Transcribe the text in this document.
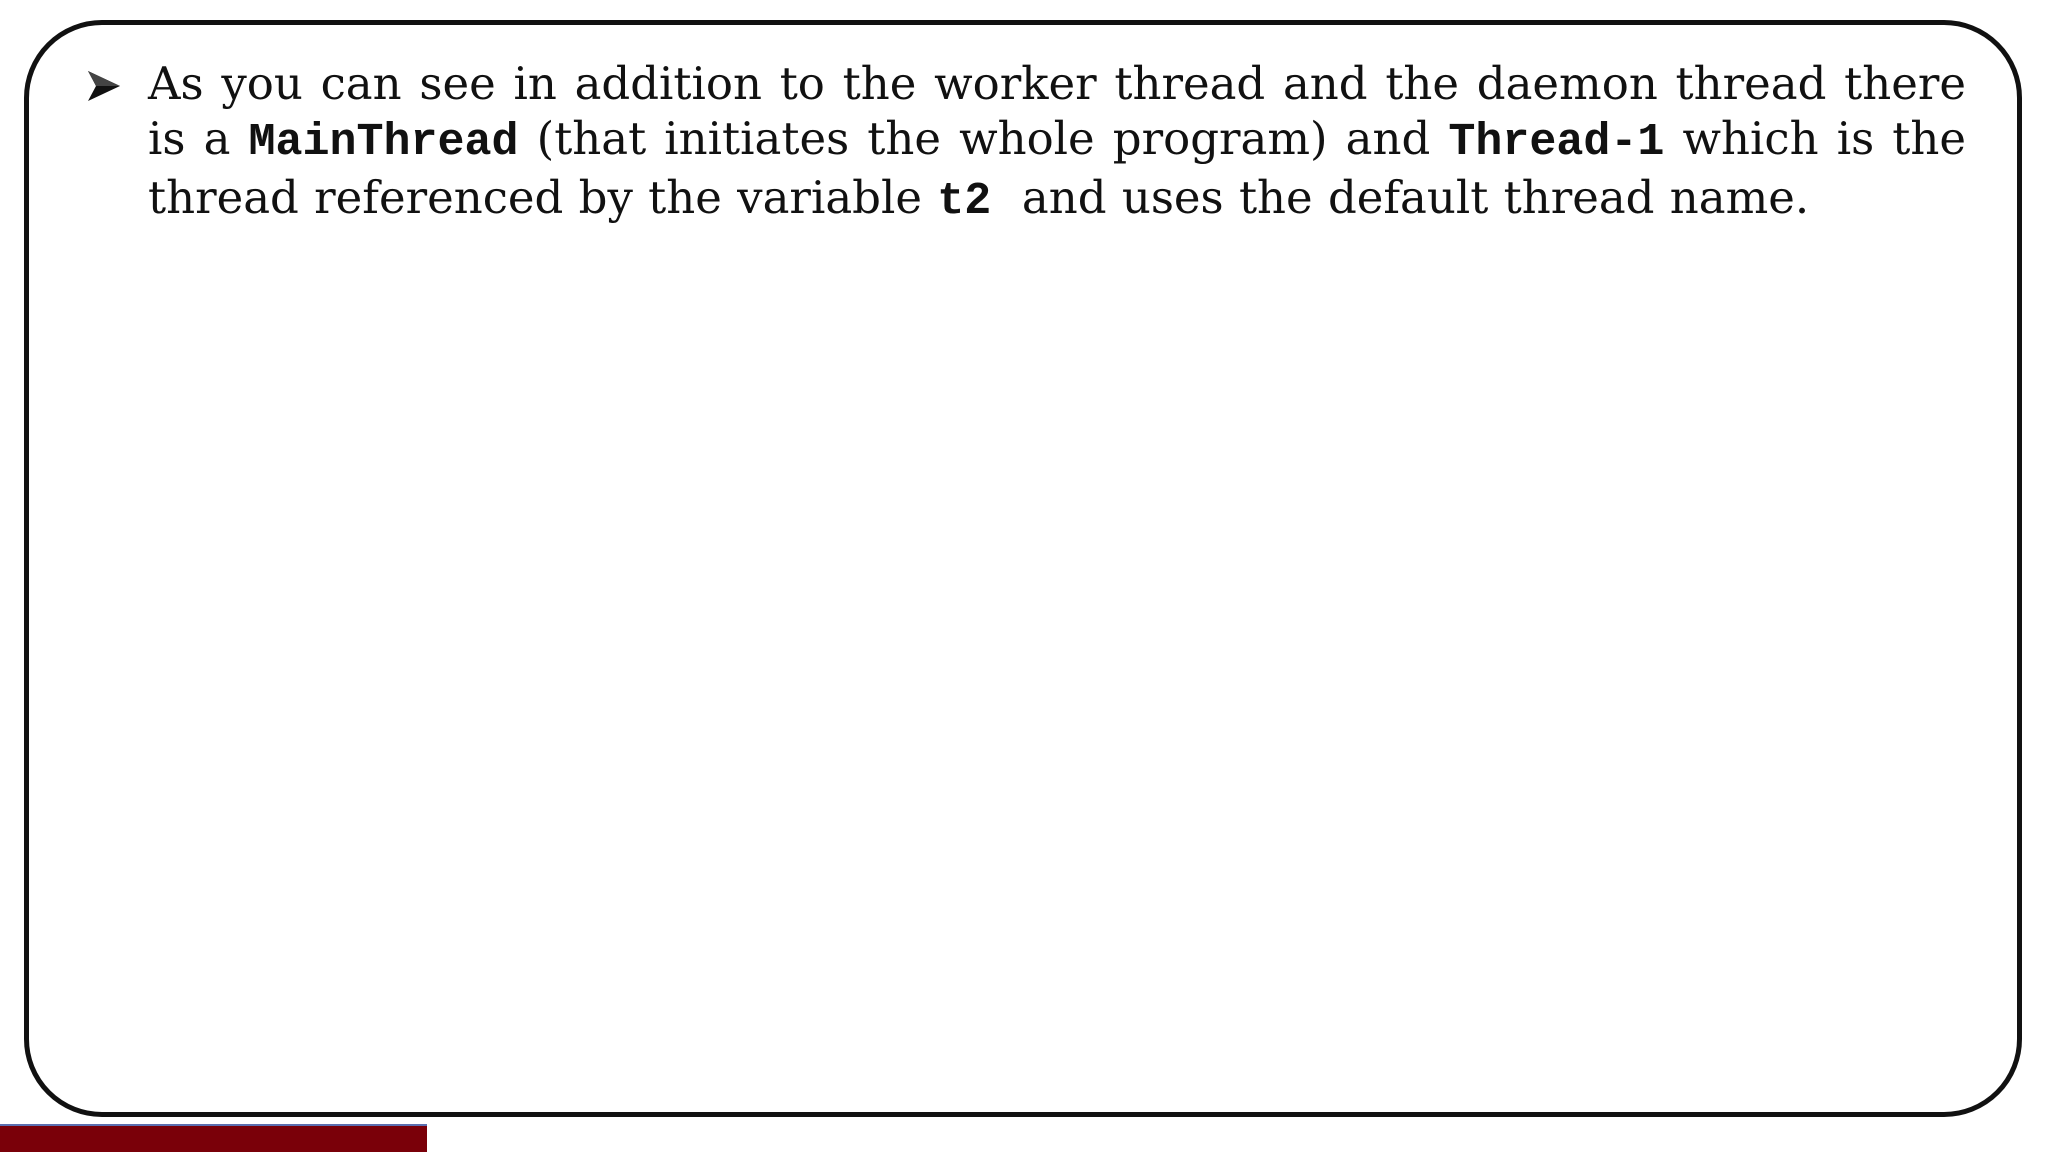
As you can see in addition to the worker thread and the daemon thread there is a MainThread (that initiates the whole program) and Thread-1 which is the thread referenced by the variable t2  and uses the default thread name.
